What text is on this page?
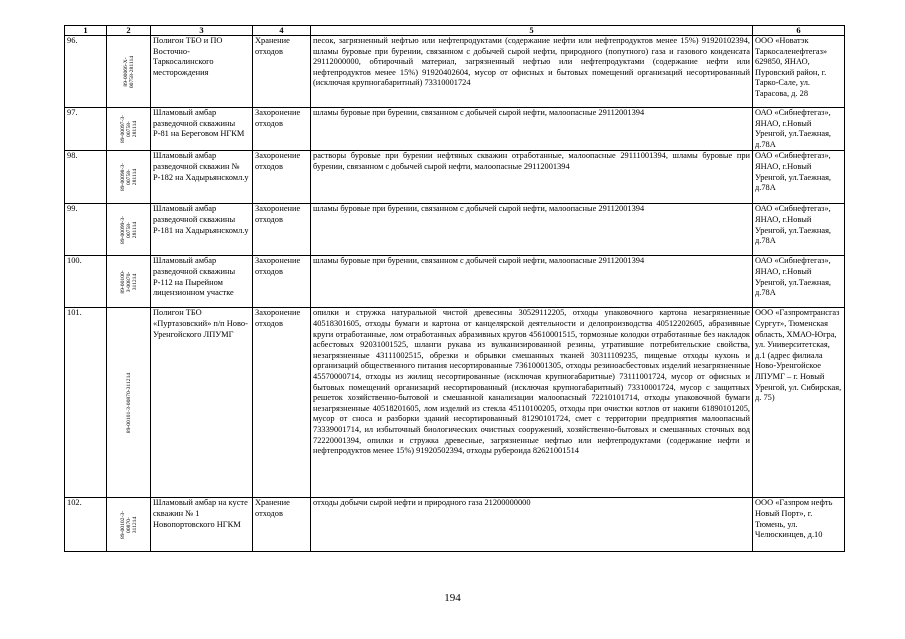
1	2	3	4	5	6
96.	89-00066-Х- 00758-281114	Полигон ТБО и ПО Восточно-Таркосалинского месторождения	Хранение отходов	песок, загрязненный нефтью или нефтепродуктами (содержание нефти или нефтепродуктов менее 15%) 91920102394, шламы буровые при бурении, связанном с добычей сырой нефти, природного (попутного) газа и газового конденсата 29112000000, обтирочный материал, загрязненный нефтью или нефтепродуктами (содержание нефти или нефтепродуктов менее 15%) 91920402604, мусор от офисных и бытовых помещений организаций несортированный (исключая крупногабаритный) 73310001724	ООО «Новатэк Таркосаленефтегаз» 629850, ЯНАО, Пуровский район, г. Тарко-Сале, ул. Тарасова, д. 28
97.	89-00097-З- 00758- 281114	Шламовый амбар разведочной скважины Р-81 на Береговом НГКМ	Захоронение отходов	шламы буровые при бурении, связанном с добычей сырой нефти, малоопасные 29112001394	ОАО «Сибнефтегаз», ЯНАО, г.Новый Уренгой, ул.Таежная, д.78А
98.	89-00098-З- 00758- 281114	Шламовый амбар разведочной скважин № Р-182 на Хадырьянскомл.у	Захоронение отходов	растворы буровые при бурении нефтяных скважин отработанные, малоопасные 29111001394, шламы буровые при бурении, связанном с добычей сырой нефти, малоопасные 29112001394	ОАО «Сибнефтегаз», ЯНАО, г.Новый Уренгой, ул.Таежная, д.78А
99.	89-00099-З- 00758- 281114	Шламовый амбар разведочной скважины Р-181 на Хадырьянскомл.у	Захоронение отходов	шламы буровые при бурении, связанном с добычей сырой нефти, малоопасные 29112001394	ОАО «Сибнефтегаз», ЯНАО, г.Новый Уренгой, ул.Таежная, д.78А
100.	89-00100- З-00870- 311214	Шламовый амбар разведочной скважины Р-112 на Пырейном лицензионном участке	Захоронение отходов	шламы буровые при бурении, связанном с добычей сырой нефти, малоопасные 29112001394	ОАО «Сибнефтегаз», ЯНАО, г.Новый Уренгой, ул.Таежная, д.78А
101.	89-00101-З-00870-311214	Полигон ТБО «Пуртазовский» п/п Ново-Уренгойского ЛПУМГ	Захоронение отходов	опилки и стружка натуральной чистой древесины 30529112205, отходы упаковочного картона незагрязненные 40518301605, отходы бумаги и картона от канцелярской деятельности и делопроизводства 40512202605, абразивные круги отработанные, лом отработанных абразивных кругов 45610001515, тормозные колодки отработанные без накладок асбестовых 92031001525, шланги рукава из вулканизированной резины, утратившие потребительские свойства, незагрязненные 43111002515, обрезки и обрывки смешанных тканей 30311109235, пищевые отходы кухонь и организаций общественного питания несортированные 73610001305, отходы резиноасбестовых изделий незагрязненные 45570000714, отходы из жилищ несортированные (исключая крупногабаритные) 73111001724, мусор от офисных и бытовых помещений организаций несортированный (исключая крупногабаритный) 73310001724, мусор с защитных решеток хозяйственно-бытовой и смешанной канализации малоопасный 72210101714, отходы упаковочной бумаги незагрязненные 40518201605, лом изделий из стекла 45110100205, отходы при очистки котлов от накипи 61890101205, мусор от сноса и разборки зданий несортированный 81290101724, смет с территории предприятия малоопасный 73339001714, ил избыточный биологических очистных сооружений, хозяйственно-бытовых и смешанных сточных вод 72220001394, опилки и стружка древесные, загрязненные нефтью или нефтепродуктами (содержание нефти и нефтепродуктов менее 15%) 91920502394, отходы рубероида 82621001514	ООО «Газпромтрансгаз Сургут», Тюменская область, ХМАО-Югра, ул. Университетская, д.1 (адрес филиала Ново-Уренгойское ЛПУМГ – г. Новый Уренгой, ул. Сибирская, д. 75)
102.	89-00102-З- 00870- 311214	Шламовый амбар на кусте скважин № 1 Новопортовского НГКМ	Хранение отходов	отходы добычи сырой нефти и природного газа 21200000000	ООО «Газпром нефть Новый Порт», г. Тюмень, ул. Челюскинцев, д.10
194
